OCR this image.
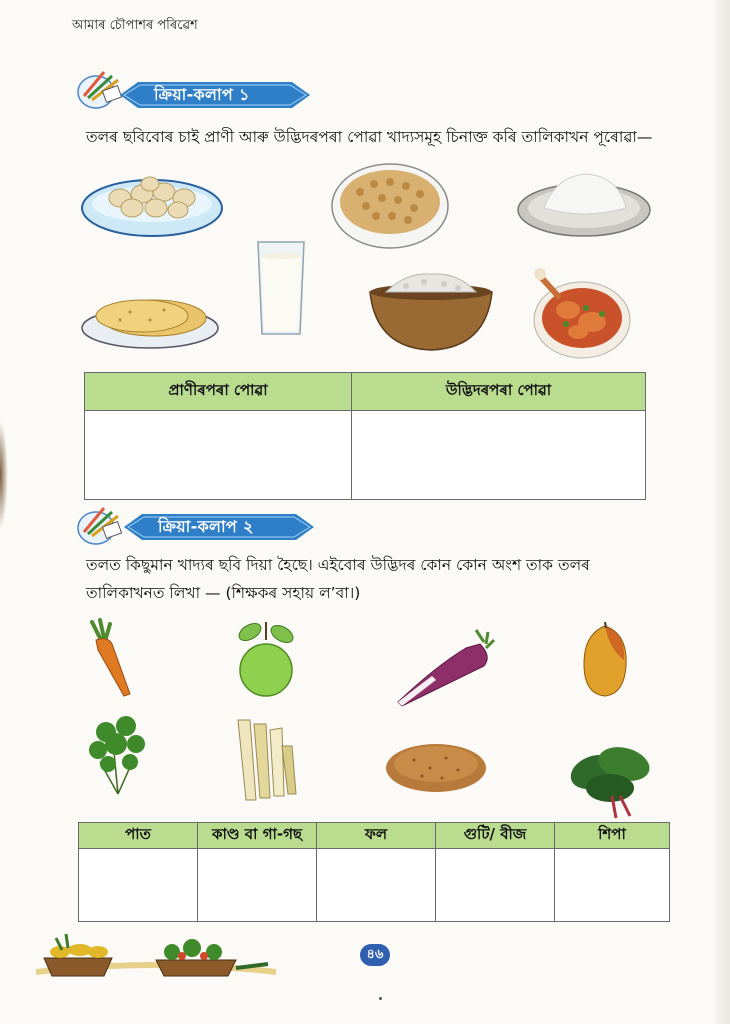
আমাৰ চৌপাশৰ পৰিৱেশ
ক্ৰিয়া-কলাপ ১
তলৰ ছবিবোৰ চাই প্ৰাণী আৰু উদ্ভিদৰপৰা পোৱা খাদ্যসমূহ চিনাক্ত কৰি তালিকাখন পূৰোৱা—
প্ৰাণীৰপৰা পোৱা	উদ্ভিদৰপৰা পোৱা

ক্ৰিয়া-কলাপ ২
তলত কিছুমান খাদ্যৰ ছবি দিয়া হৈছে। এইবোৰ উদ্ভিদৰ কোন কোন অংশ তাক তলৰ
তালিকাখনত লিখা — (শিক্ষকৰ সহায় ল’বা।)
পাত	কাণ্ড বা গা-গছ	ফল	গুটি/ বীজ	শিপা

৪৬
